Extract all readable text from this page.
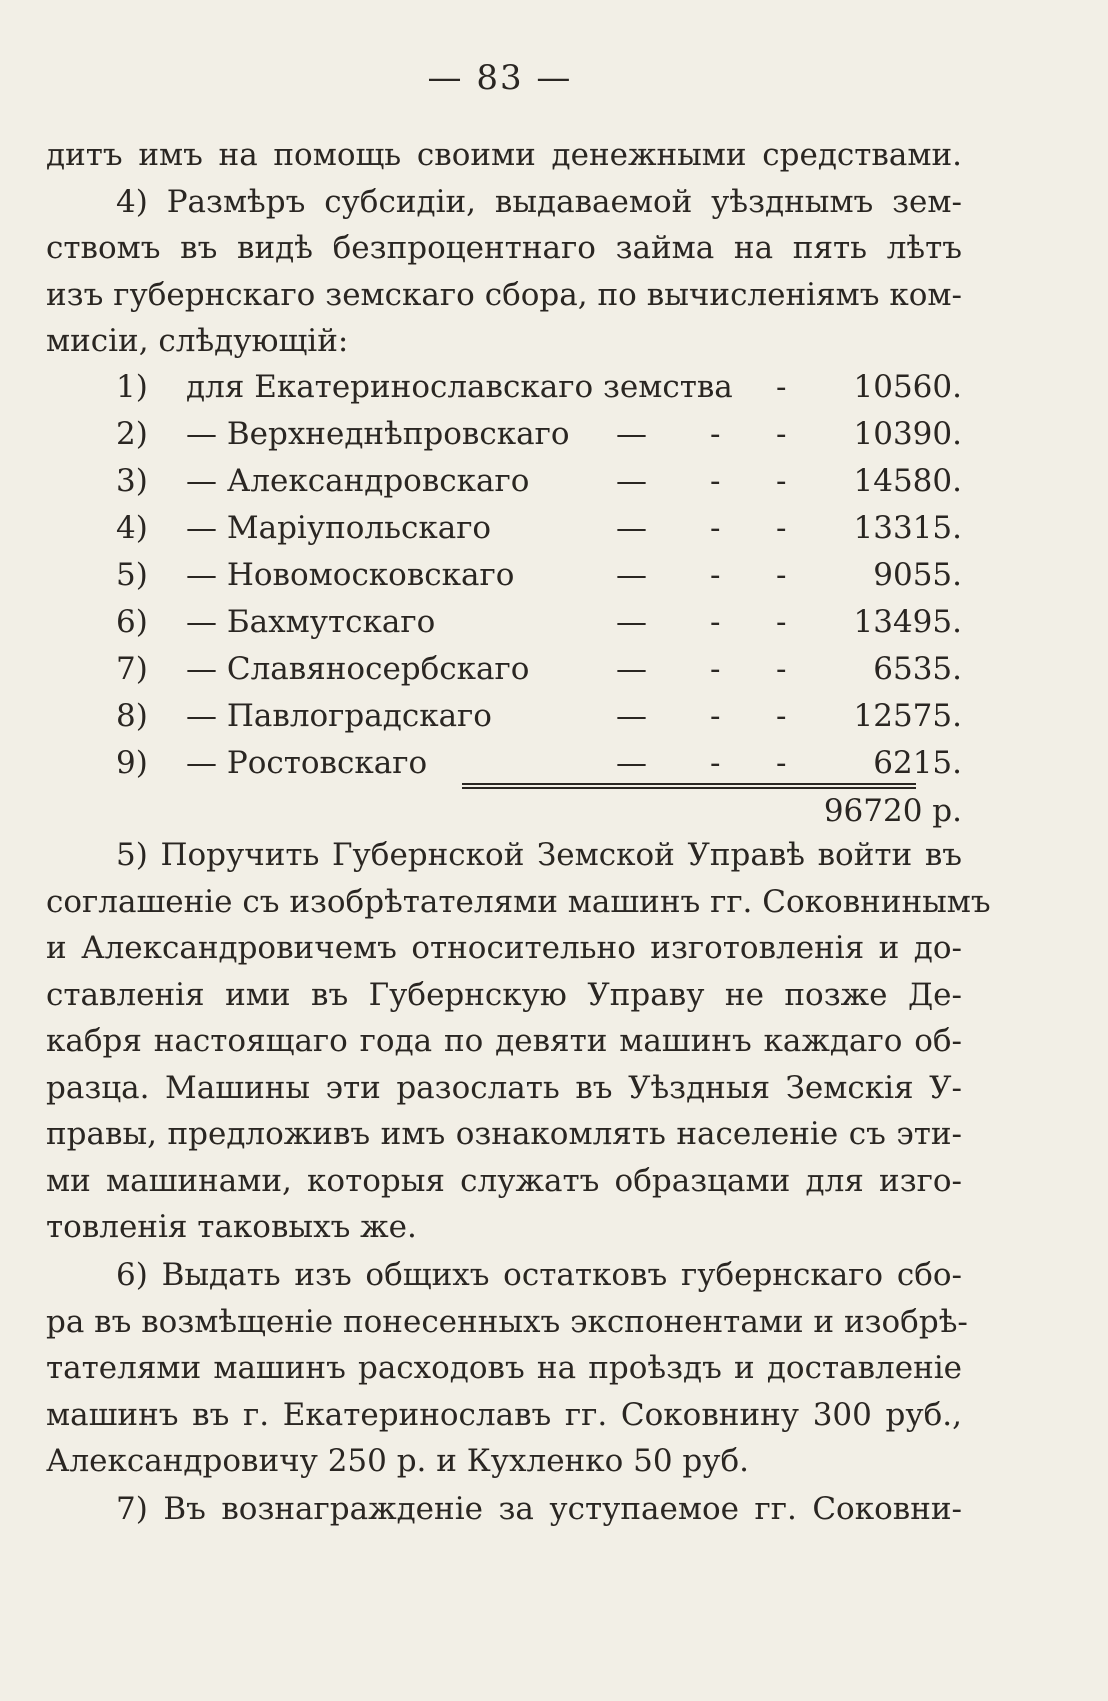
— 83 —
дитъ имъ на помощь своими денежными средствами.
4) Размѣръ субсидіи, выдаваемой уѣзднымъ зем-
ствомъ въ видѣ безпроцентнаго займа на пять лѣтъ
изъ губернскаго земскаго сбора, по вычисленіямъ ком-
мисіи, слѣдующій:
1) для Екатеринославскаго земства - 10560.
2) — Верхнеднѣпровскаго — - - 10390.
3) — Александровскаго	— - - 14580.
4) — Маріупольскаго	— - - 13315.
5) — Новомосковскаго	— - -	9055.
6) — Бахмутскаго	— - - 13495.
7) — Славяносербскаго	— - -	6535.
8) — Павлоградскаго	— - - 12575.
9) — Ростовскаго	— - -	6215.
96720 р.
5) Поручить Губернской Земской Управѣ войти въ
соглашеніе съ изобрѣтателями машинъ гг. Соковнинымъ
и Александровичемъ относительно изготовленія и до-
ставленія ими въ Губернскую Управу не позже Де-
кабря настоящаго года по девяти машинъ каждаго об-
разца. Машины эти разослать въ Уѣздныя Земскія У-
правы, предложивъ имъ ознакомлять населеніе съ эти-
ми машинами, которыя служатъ образцами для изго-
товленія таковыхъ же.
6) Выдать изъ общихъ остатковъ губернскаго сбо-
ра въ возмѣщеніе понесенныхъ экспонентами и изобрѣ-
тателями машинъ расходовъ на проѣздъ и доставленіе
машинъ въ г. Екатеринославъ гг. Соковнину 300 руб.,
Александровичу 250 р. и Кухленко 50 руб.
7) Въ вознагражденіе за уступаемое гг. Соковни-
